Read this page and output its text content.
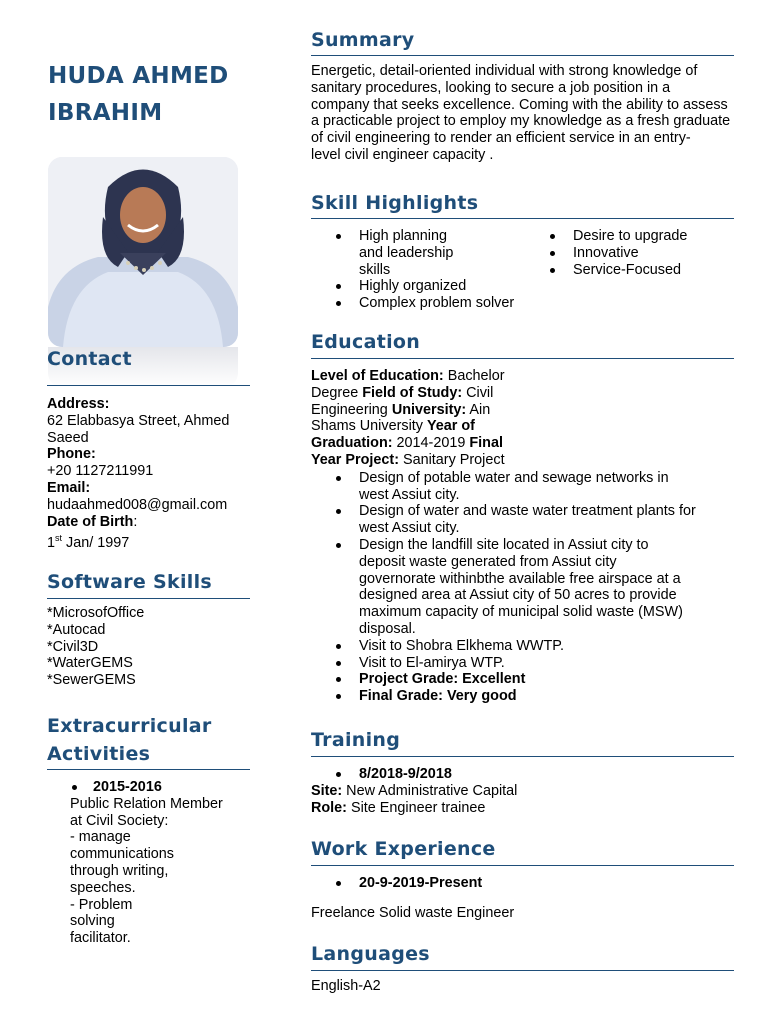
HUDA AHMED
IBRAHIM
Contact
Address:
62 Elabbasya Street, Ahmed
Saeed
Phone:
+20 1127211991
Email:
hudaahmed008@gmail.com
Date of Birth:
1st Jan/ 1997
Software Skills
*MicrosofOffice
*Autocad
*Civil3D
*WaterGEMS
*SewerGEMS
Extracurricular
Activities
2015-2016
Public Relation Member
at Civil Society:
- manage
communications
through writing,
speeches.
- Problem
solving
facilitator.
Summary
Energetic, detail-oriented individual with strong knowledge of
sanitary procedures, looking to secure a job position in a
company that seeks excellence. Coming with the ability to assess
a practicable project to employ my knowledge as a fresh graduate
of civil engineering to render an efficient service in an entry-
level civil engineer capacity .
Skill Highlights
High planning
and leadership
skills
Highly organized
Complex problem solver
Desire to upgrade
Innovative
Service-Focused
Education
Level of Education: Bachelor
Degree Field of Study: Civil
Engineering University: Ain
Shams University Year of
Graduation: 2014-2019 Final
Year Project: Sanitary Project
Design of potable water and sewage networks in
west Assiut city.
Design of water and waste water treatment plants for
west Assiut city.
Design the landfill site located in Assiut city to
deposit waste generated from Assiut city
governorate withinbthe available free airspace at a
designed area at Assiut city of 50 acres to provide
maximum capacity of municipal solid waste (MSW)
disposal.
Visit to Shobra Elkhema WWTP.
Visit to El-amirya WTP.
Project Grade: Excellent
Final Grade: Very good
Training
8/2018-9/2018
Site: New Administrative Capital
Role: Site Engineer trainee
Work Experience
20-9-2019-Present
Freelance Solid waste Engineer
Languages
English-A2
